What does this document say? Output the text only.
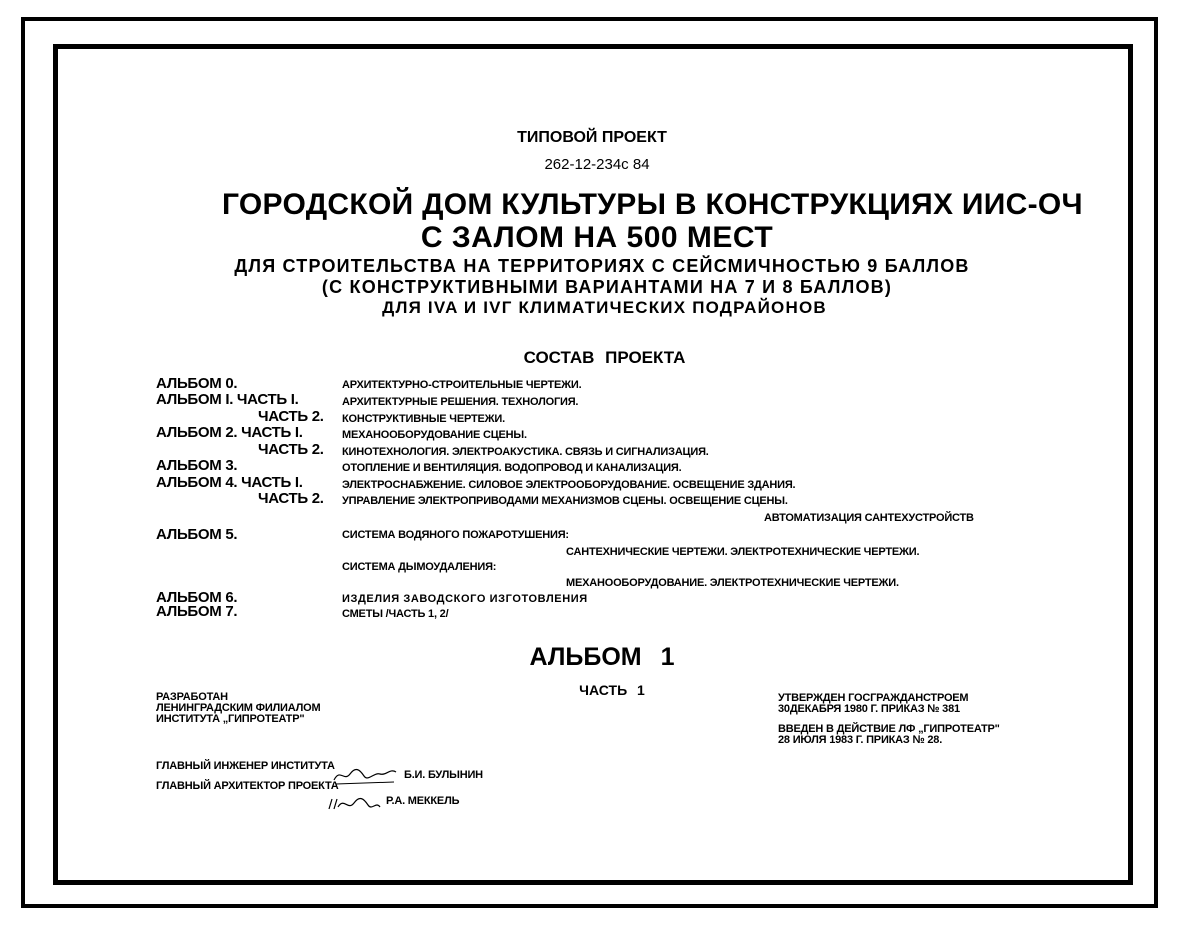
ТИПОВОЙ ПРОЕКТ
262-12-234с 84
ГОРОДСКОЙ ДОМ КУЛЬТУРЫ В КОНСТРУКЦИЯХ ИИС-ОЧ
С ЗАЛОМ НА 500 МЕСТ
ДЛЯ СТРОИТЕЛЬСТВА НА ТЕРРИТОРИЯХ С СЕЙСМИЧНОСТЬЮ 9 БАЛЛОВ
(С КОНСТРУКТИВНЫМИ ВАРИАНТАМИ НА 7 И 8 БАЛЛОВ)
ДЛЯ IVA И IVГ КЛИМАТИЧЕСКИХ ПОДРАЙОНОВ
СОСТАВ ПРОЕКТА
АЛЬБОМ 0.	АРХИТЕКТУРНО-СТРОИТЕЛЬНЫЕ ЧЕРТЕЖИ.
АЛЬБОМ I. ЧАСТЬ I.	АРХИТЕКТУРНЫЕ РЕШЕНИЯ. ТЕХНОЛОГИЯ.
ЧАСТЬ 2. КОНСТРУКТИВНЫЕ ЧЕРТЕЖИ.
АЛЬБОМ 2. ЧАСТЬ I.	МЕХАНООБОРУДОВАНИЕ СЦЕНЫ.
ЧАСТЬ 2. КИНОТЕХНОЛОГИЯ. ЭЛЕКТРОАКУСТИКА. СВЯЗЬ И СИГНАЛИЗАЦИЯ.
АЛЬБОМ 3.	ОТОПЛЕНИЕ И ВЕНТИЛЯЦИЯ. ВОДОПРОВОД И КАНАЛИЗАЦИЯ.
АЛЬБОМ 4. ЧАСТЬ I.	ЭЛЕКТРОСНАБЖЕНИЕ. СИЛОВОЕ ЭЛЕКТРООБОРУДОВАНИЕ. ОСВЕЩЕНИЕ ЗДАНИЯ.
ЧАСТЬ 2. УПРАВЛЕНИЕ ЭЛЕКТРОПРИВОДАМИ МЕХАНИЗМОВ СЦЕНЫ. ОСВЕЩЕНИЕ СЦЕНЫ.
АВТОМАТИЗАЦИЯ САНТЕХУСТРОЙСТВ
АЛЬБОМ 5.	СИСТЕМА ВОДЯНОГО ПОЖАРОТУШЕНИЯ:
САНТЕХНИЧЕСКИЕ ЧЕРТЕЖИ. ЭЛЕКТРОТЕХНИЧЕСКИЕ ЧЕРТЕЖИ.
СИСТЕМА ДЫМОУДАЛЕНИЯ:
МЕХАНООБОРУДОВАНИЕ. ЭЛЕКТРОТЕХНИЧЕСКИЕ ЧЕРТЕЖИ.
АЛЬБОМ 6.	ИЗДЕЛИЯ ЗАВОДСКОГО ИЗГОТОВЛЕНИЯ
АЛЬБОМ 7.	СМЕТЫ /ЧАСТЬ 1, 2/
АЛЬБОМ 1
ЧАСТЬ 1
РАЗРАБОТАН
ЛЕНИНГРАДСКИМ ФИЛИАЛОМ
ИНСТИТУТА „ГИПРОТЕАТР"
УТВЕРЖДЕН ГОСГРАЖДАНСТРОЕМ
30ДЕКАБРЯ 1980 Г. ПРИКАЗ № 381
ВВЕДЕН В ДЕЙСТВИЕ ЛФ „ГИПРОТЕАТР"
28 ИЮЛЯ 1983 Г. ПРИКАЗ № 28.
ГЛАВНЫЙ ИНЖЕНЕР ИНСТИТУТА
Б.И. БУЛЫНИН
ГЛАВНЫЙ АРХИТЕКТОР ПРОЕКТА
Р.А. МЕККЕЛЬ
